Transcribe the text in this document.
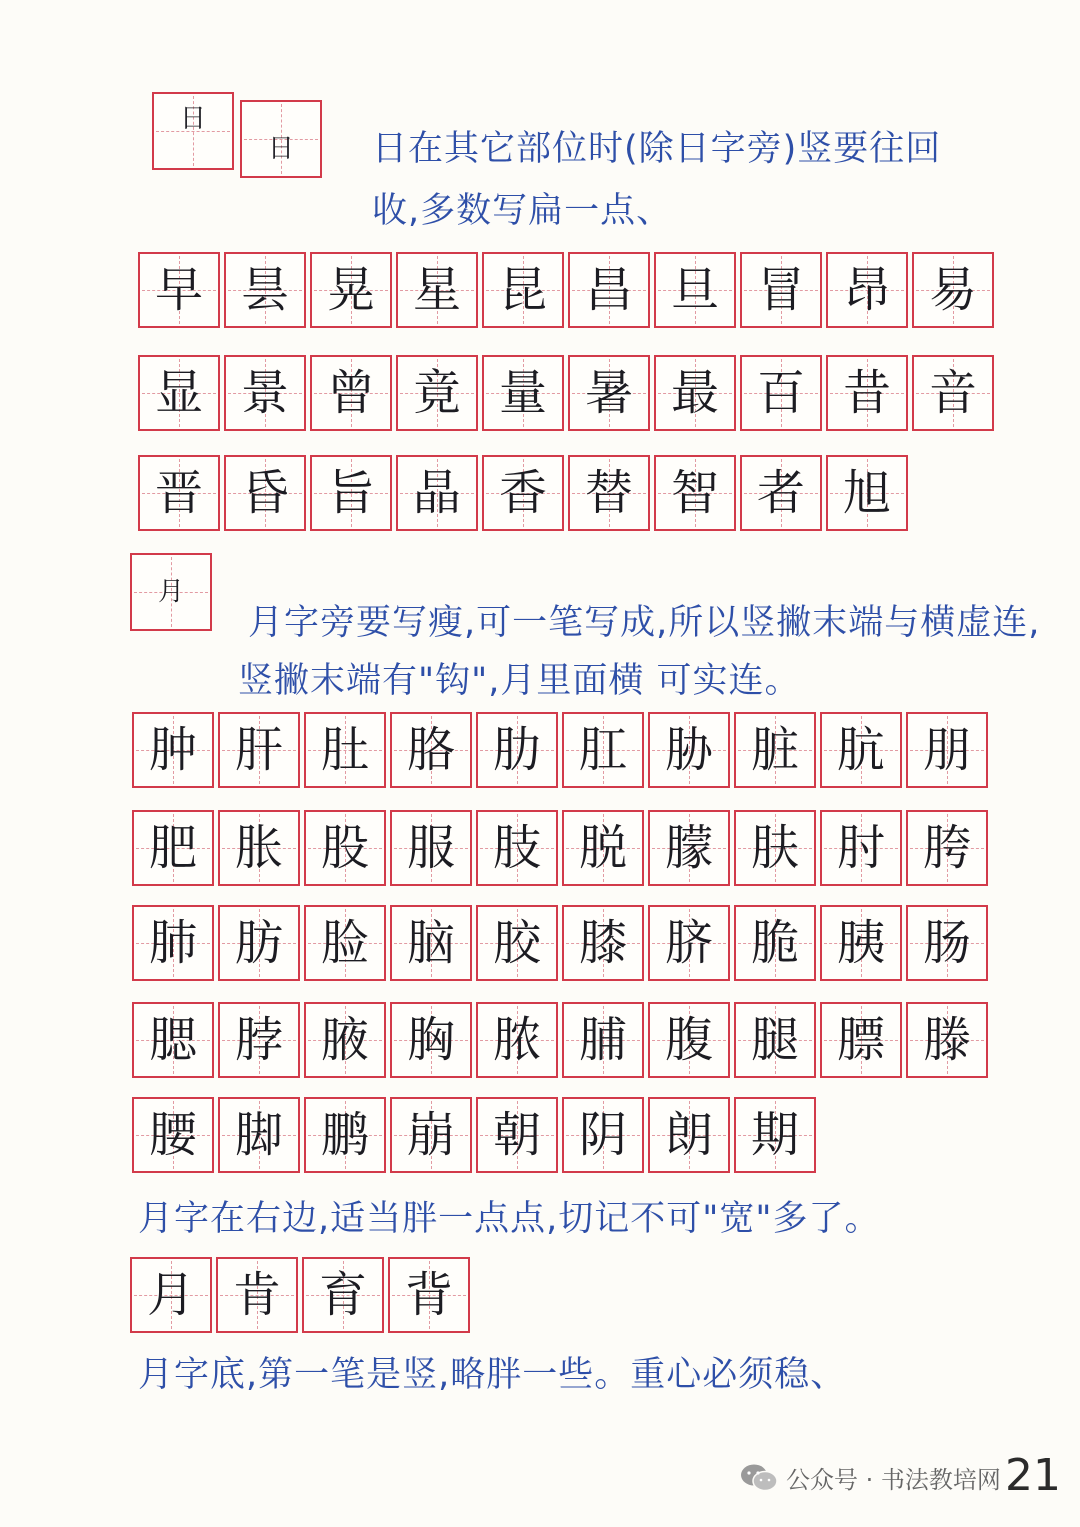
日
日 日在其它部位时(除日字旁)竖要往回
收,多数写扁一点、
早 昙 晃 星 昆 昌 旦 冒 昂 易
显 景 曾 竟 量 暑 最 百 昔 音
晋 昏 旨 晶 香 替 智 者 旭
月
月字旁要写瘦,可一笔写成,所以竖撇末端与横虚连,
竖撇末端有"钩",月里面横 可实连。
肿 肝 肚 胳 肋 肛 胁 脏 肮 朋
肥 胀 股 服 肢 脱 朦 肤 肘 胯
肺 肪 脸 脑 胶 膝 脐 脆 胰 肠
腮 脖 腋 胸 脓 脯 腹 腿 膘 滕
腰 脚 鹏 崩 朝 阴 朗 期
月字在右边,适当胖一点点,切记不可"宽"多了。
月 肯 育 背
月字底,第一笔是竖,略胖一些。重心必须稳、
公众号 · 书法教培网 21
